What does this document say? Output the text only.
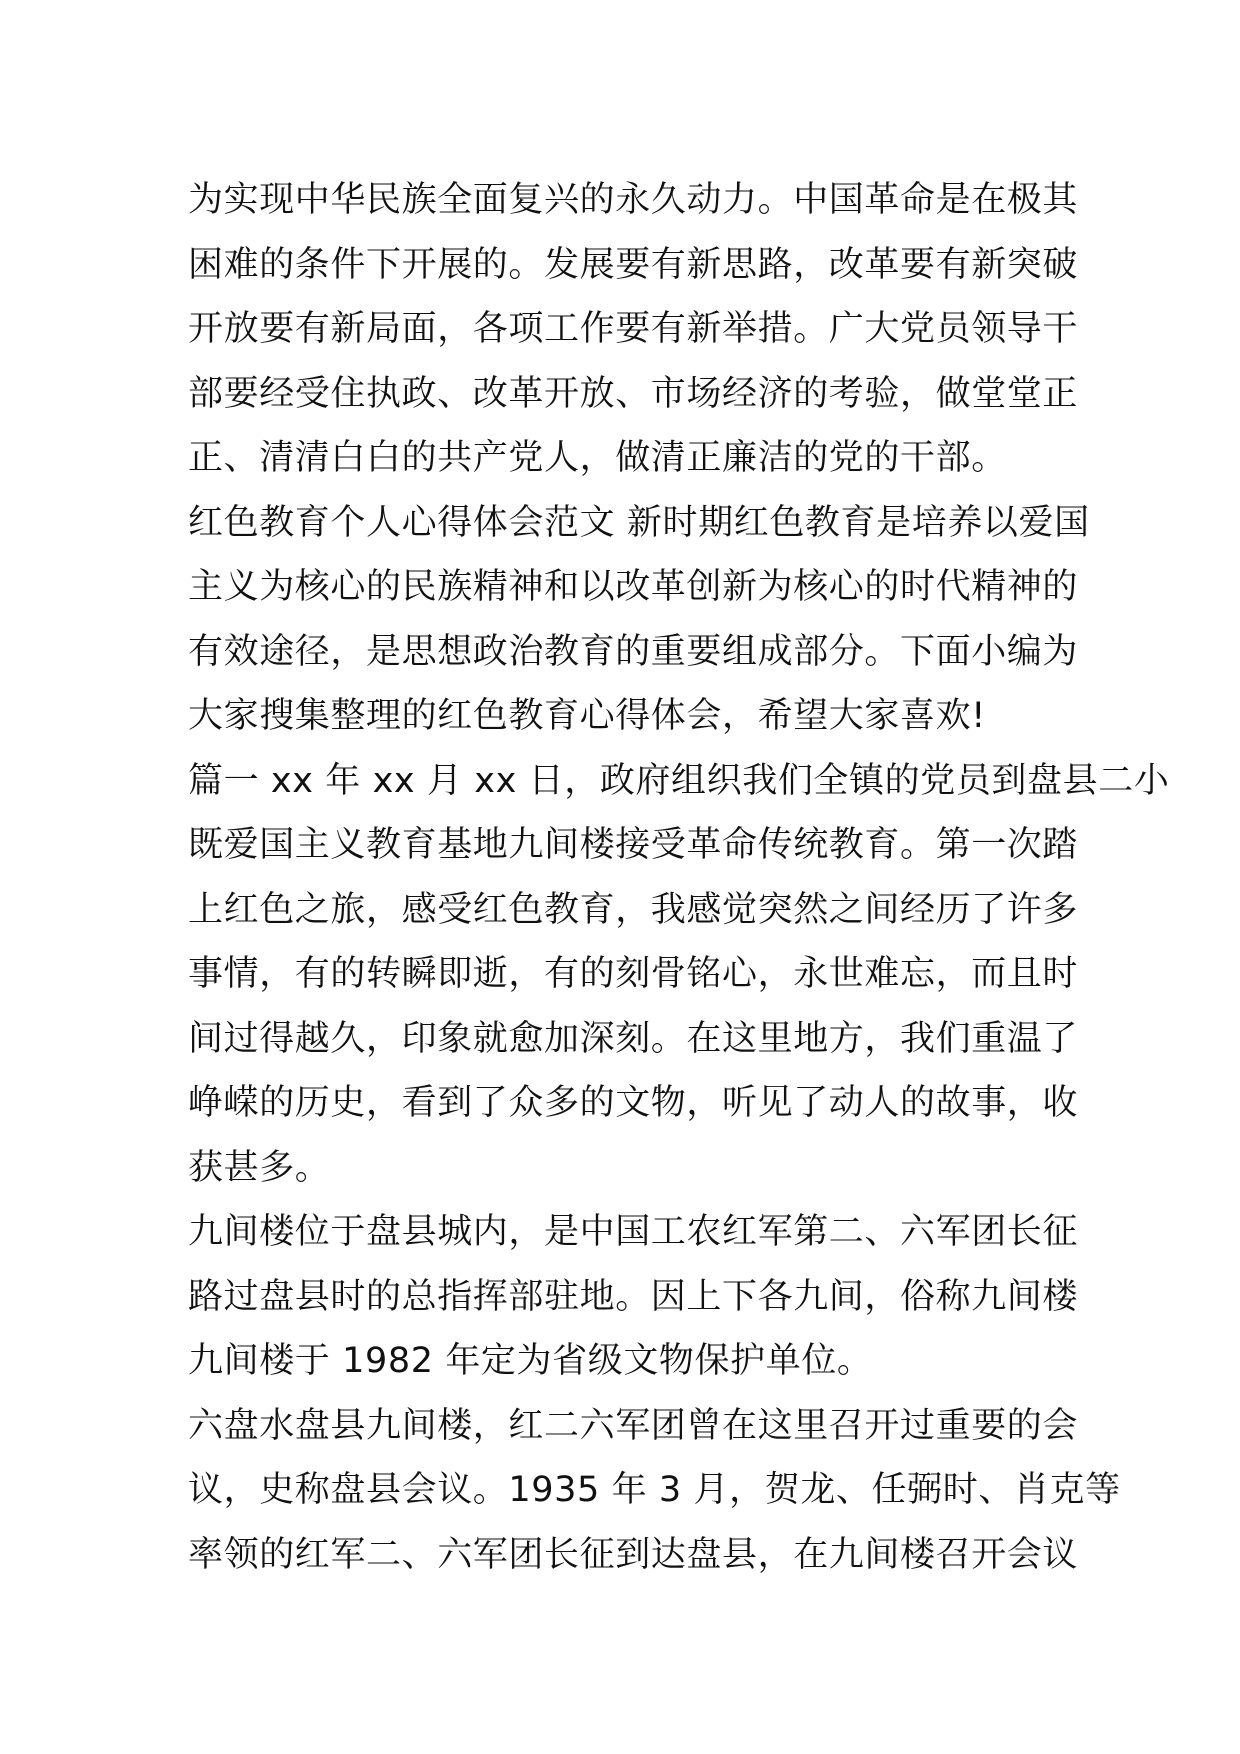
为实现中华民族全面复兴的永久动力。中国革命是在极其
困难的条件下开展的。发展要有新思路，改革要有新突破
开放要有新局面，各项工作要有新举措。广大党员领导干
部要经受住执政、改革开放、市场经济的考验，做堂堂正
正、清清白白的共产党人，做清正廉洁的党的干部。
红色教育个人心得体会范文 新时期红色教育是培养以爱国
主义为核心的民族精神和以改革创新为核心的时代精神的
有效途径，是思想政治教育的重要组成部分。下面小编为
大家搜集整理的红色教育心得体会，希望大家喜欢!
篇一 xx 年 xx 月 xx 日，政府组织我们全镇的党员到盘县二小
既爱国主义教育基地九间楼接受革命传统教育。第一次踏
上红色之旅，感受红色教育，我感觉突然之间经历了许多
事情，有的转瞬即逝，有的刻骨铭心，永世难忘，而且时
间过得越久，印象就愈加深刻。在这里地方，我们重温了
峥嵘的历史，看到了众多的文物，听见了动人的故事，收
获甚多。
九间楼位于盘县城内，是中国工农红军第二、六军团长征
路过盘县时的总指挥部驻地。因上下各九间，俗称九间楼
九间楼于 1982 年定为省级文物保护单位。
六盘水盘县九间楼，红二六军团曾在这里召开过重要的会
议，史称盘县会议。1935 年 3 月，贺龙、任弼时、肖克等
率领的红军二、六军团长征到达盘县，在九间楼召开会议
